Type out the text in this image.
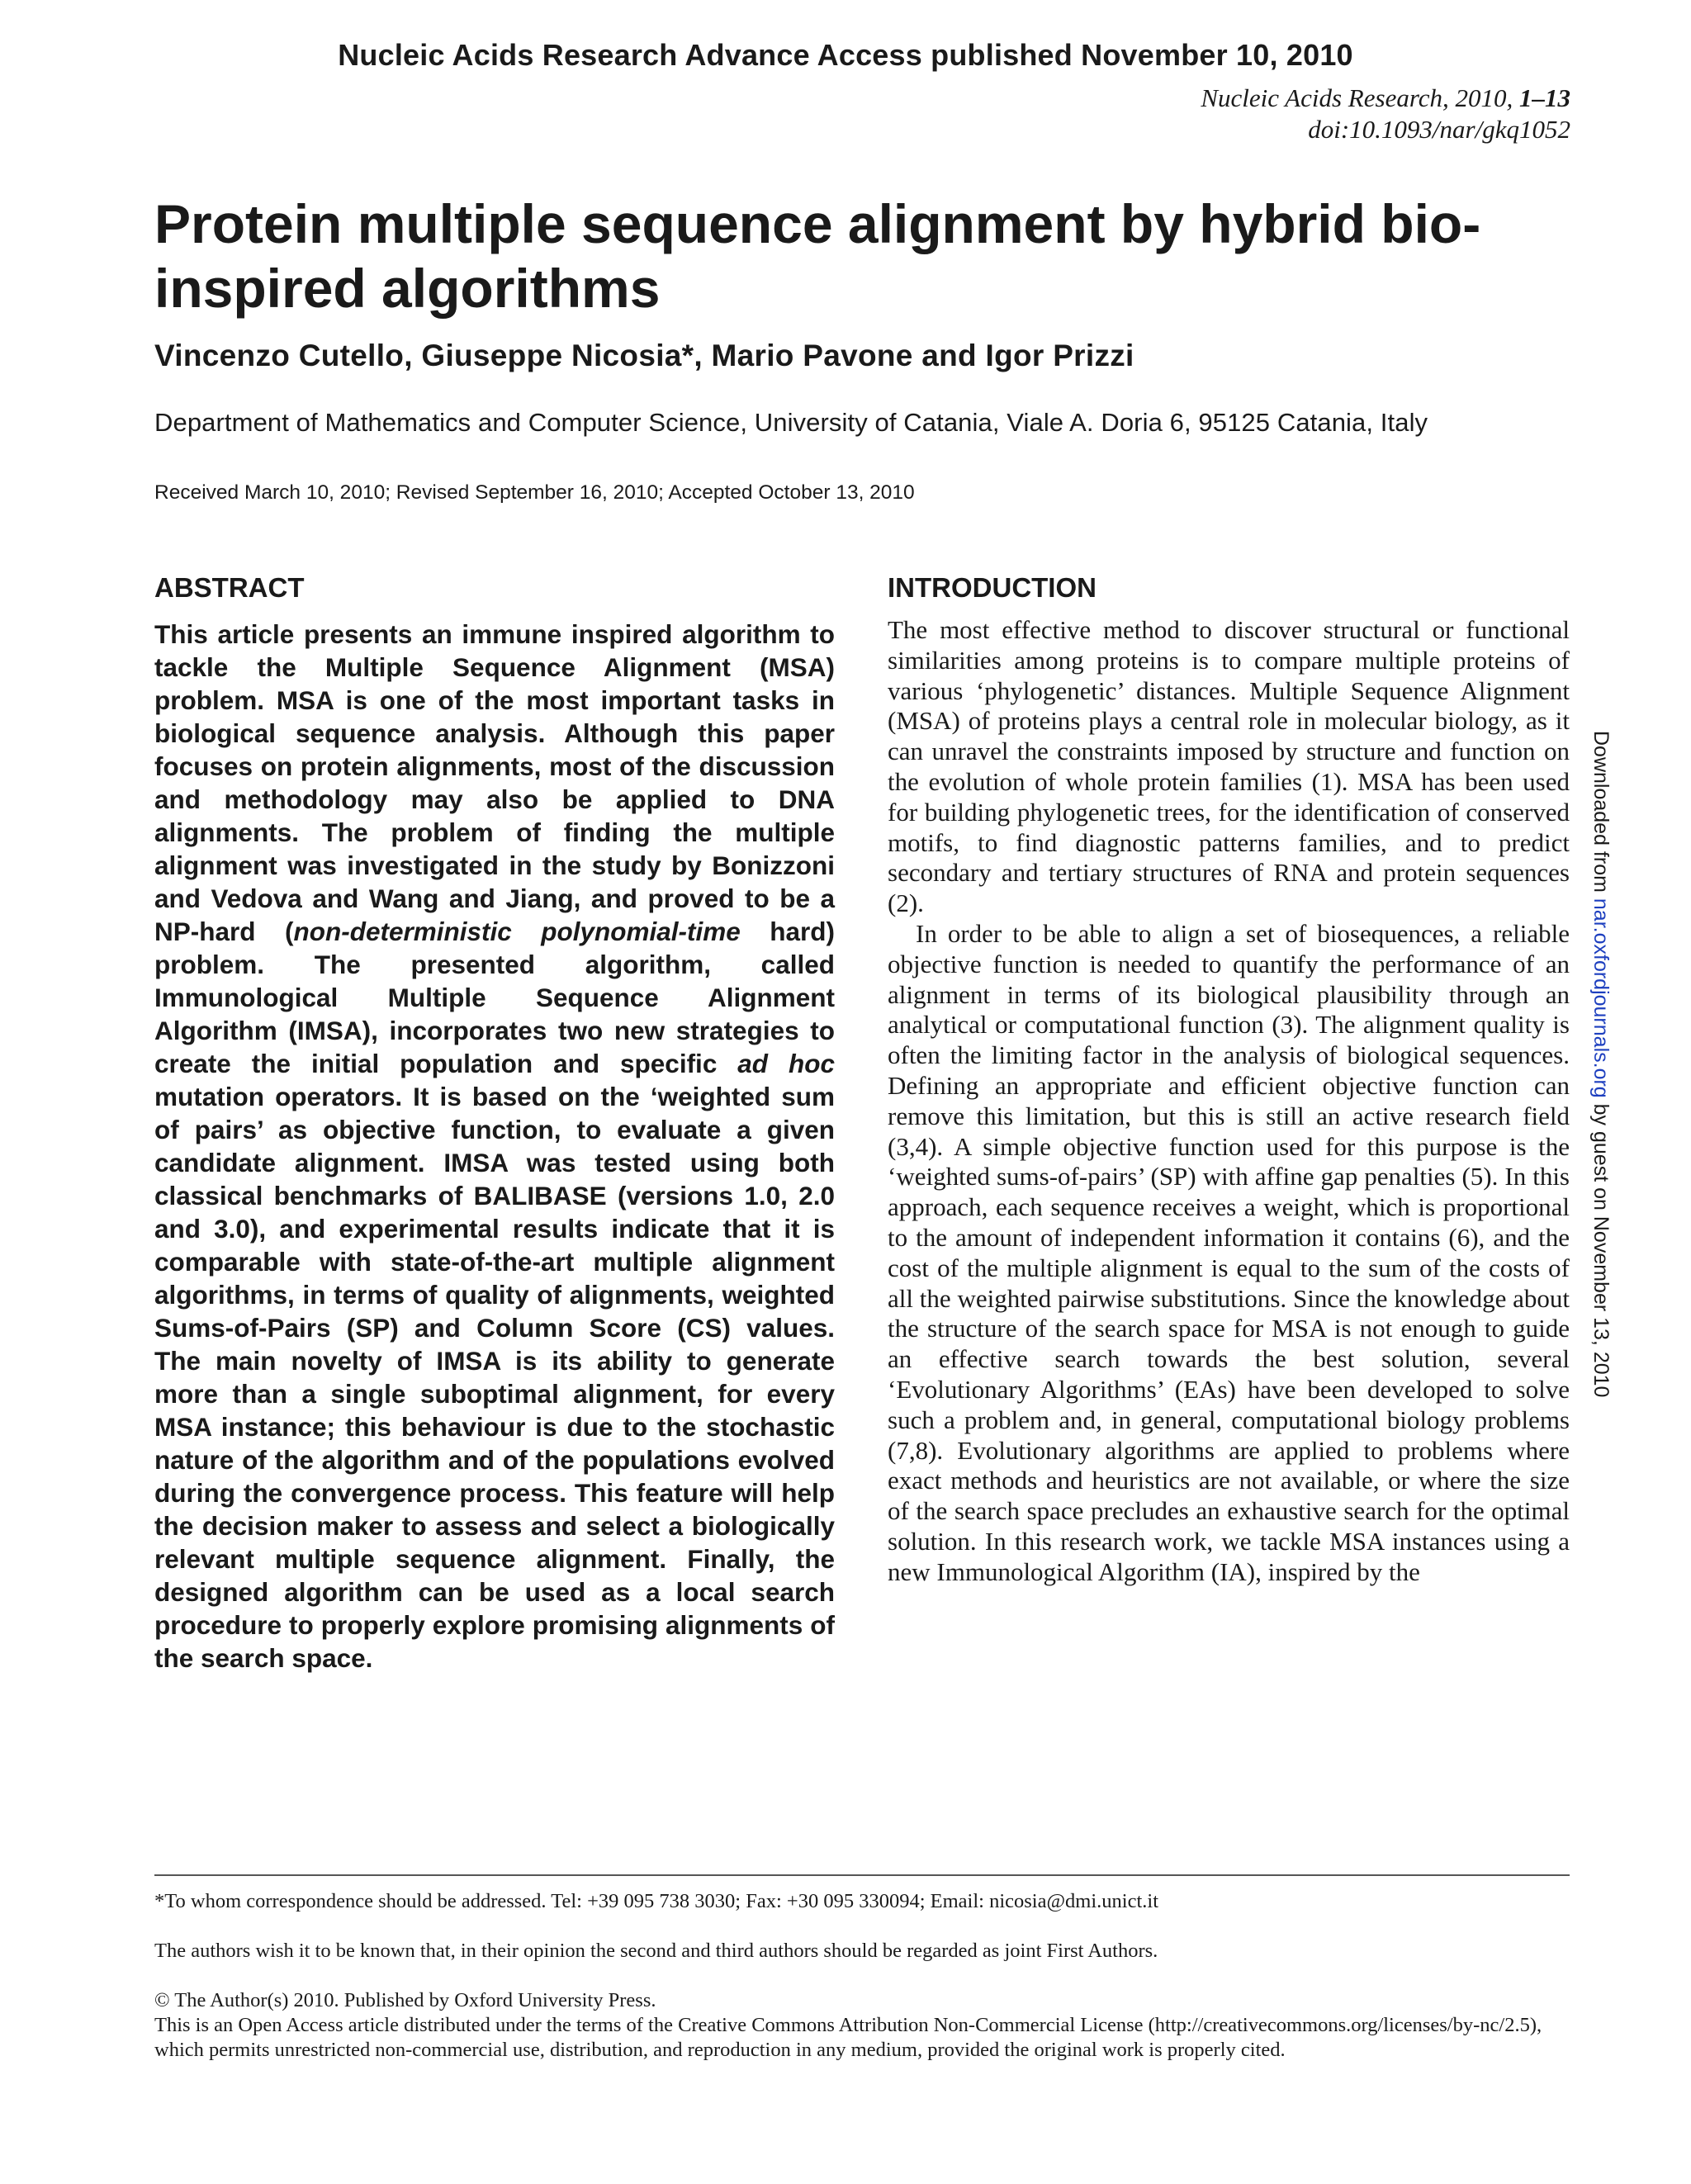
Nucleic Acids Research Advance Access published November 10, 2010
Nucleic Acids Research, 2010, 1–13
doi:10.1093/nar/gkq1052
Protein multiple sequence alignment by hybrid bio-inspired algorithms
Vincenzo Cutello, Giuseppe Nicosia*, Mario Pavone and Igor Prizzi
Department of Mathematics and Computer Science, University of Catania, Viale A. Doria 6, 95125 Catania, Italy
Received March 10, 2010; Revised September 16, 2010; Accepted October 13, 2010
ABSTRACT

This article presents an immune inspired algorithm to tackle the Multiple Sequence Alignment (MSA) problem. MSA is one of the most important tasks in biological sequence analysis. Although this paper focuses on protein alignments, most of the discussion and methodology may also be applied to DNA alignments. The problem of finding the multiple alignment was investigated in the study by Bonizzoni and Vedova and Wang and Jiang, and proved to be a NP-hard (non-deterministic polynomial-time hard) problem. The presented algorithm, called Immunological Multiple Sequence Alignment Algorithm (IMSA), incorporates two new strategies to create the initial population and specific ad hoc mutation operators. It is based on the ‘weighted sum of pairs’ as objective function, to evaluate a given candidate alignment. IMSA was tested using both classical benchmarks of BALIBASE (versions 1.0, 2.0 and 3.0), and experimental results indicate that it is comparable with state-of-the-art multiple alignment algorithms, in terms of quality of alignments, weighted Sums-of-Pairs (SP) and Column Score (CS) values. The main novelty of IMSA is its ability to generate more than a single suboptimal alignment, for every MSA instance; this behaviour is due to the stochastic nature of the algorithm and of the populations evolved during the convergence process. This feature will help the decision maker to assess and select a biologically relevant multiple sequence alignment. Finally, the designed algorithm can be used as a local search procedure to properly explore promising alignments of the search space.

INTRODUCTION

The most effective method to discover structural or functional similarities among proteins is to compare multiple proteins of various ‘phylogenetic’ distances. Multiple Sequence Alignment (MSA) of proteins plays a central role in molecular biology, as it can unravel the constraints imposed by structure and function on the evolution of whole protein families (1). MSA has been used for building phylogenetic trees, for the identification of conserved motifs, to find diagnostic patterns families, and to predict secondary and tertiary structures of RNA and protein sequences (2).

In order to be able to align a set of biosequences, a reliable objective function is needed to quantify the performance of an alignment in terms of its biological plausibility through an analytical or computational function (3). The alignment quality is often the limiting factor in the analysis of biological sequences. Defining an appropriate and efficient objective function can remove this limitation, but this is still an active research field (3,4). A simple objective function used for this purpose is the ‘weighted sums-of-pairs’ (SP) with affine gap penalties (5). In this approach, each sequence receives a weight, which is proportional to the amount of independent information it contains (6), and the cost of the multiple alignment is equal to the sum of the costs of all the weighted pairwise substitutions. Since the knowledge about the structure of the search space for MSA is not enough to guide an effective search towards the best solution, several ‘Evolutionary Algorithms’ (EAs) have been developed to solve such a problem and, in general, computational biology problems (7,8). Evolutionary algorithms are applied to problems where exact methods and heuristics are not available, or where the size of the search space precludes an exhaustive search for the optimal solution. In this research work, we tackle MSA instances using a new Immunological Algorithm (IA), inspired by the

Downloaded from nar.oxfordjournals.org by guest on November 13, 2010

*To whom correspondence should be addressed. Tel: +39 095 738 3030; Fax: +30 095 330094; Email: nicosia@dmi.unict.it

The authors wish it to be known that, in their opinion the second and third authors should be regarded as joint First Authors.

© The Author(s) 2010. Published by Oxford University Press.

This is an Open Access article distributed under the terms of the Creative Commons Attribution Non-Commercial License (http://creativecommons.org/licenses/by-nc/2.5), which permits unrestricted non-commercial use, distribution, and reproduction in any medium, provided the original work is properly cited.
